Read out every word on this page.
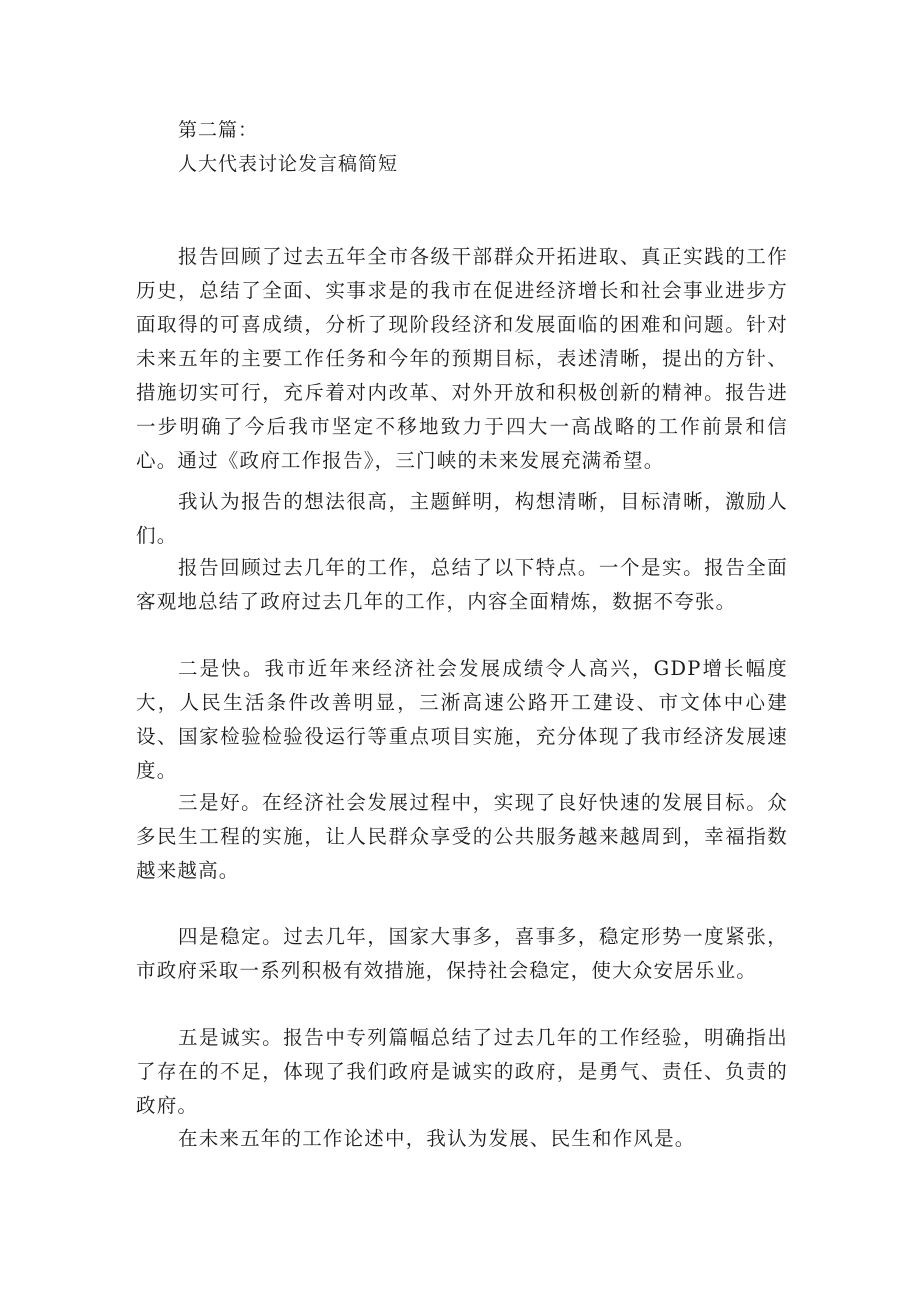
第二篇：
人大代表讨论发言稿简短

报告回顾了过去五年全市各级干部群众开拓进取、真正实践的工作历史，总结了全面、实事求是的我市在促进经济增长和社会事业进步方面取得的可喜成绩，分析了现阶段经济和发展面临的困难和问题。针对未来五年的主要工作任务和今年的预期目标，表述清晰，提出的方针、措施切实可行，充斥着对内改革、对外开放和积极创新的精神。报告进一步明确了今后我市坚定不移地致力于四大一高战略的工作前景和信心。通过《政府工作报告》，三门峡的未来发展充满希望。

我认为报告的想法很高，主题鲜明，构想清晰，目标清晰，激励人们。

报告回顾过去几年的工作，总结了以下特点。一个是实。报告全面客观地总结了政府过去几年的工作，内容全面精炼，数据不夸张。

二是快。我市近年来经济社会发展成绩令人高兴，GDP增长幅度大，人民生活条件改善明显，三淅高速公路开工建设、市文体中心建设、国家检验检验役运行等重点项目实施，充分体现了我市经济发展速度。

三是好。在经济社会发展过程中，实现了良好快速的发展目标。众多民生工程的实施，让人民群众享受的公共服务越来越周到，幸福指数越来越高。

四是稳定。过去几年，国家大事多，喜事多，稳定形势一度紧张，市政府采取一系列积极有效措施，保持社会稳定，使大众安居乐业。

五是诚实。报告中专列篇幅总结了过去几年的工作经验，明确指出了存在的不足，体现了我们政府是诚实的政府，是勇气、责任、负责的政府。

在未来五年的工作论述中，我认为发展、民生和作风是。
